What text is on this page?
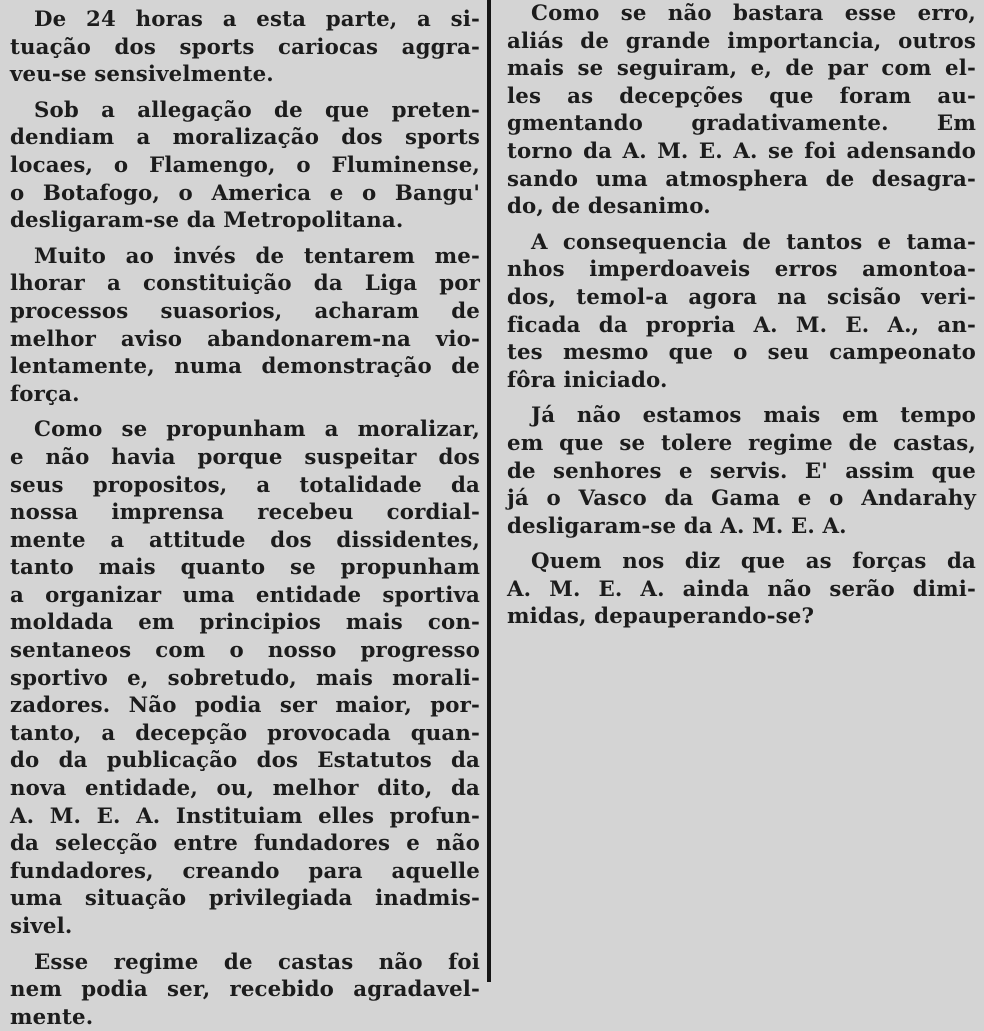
De 24 horas a esta parte, a si-
tuação dos sports cariocas aggra-
veu-se sensivelmente.

Sob a allegação de que preten-
dendiam a moralização dos sports
locaes, o Flamengo, o Fluminense,
o Botafogo, o America e o Bangu'
desligaram-se da Metropolitana.

Muito ao invés de tentarem me-
lhorar a constituição da Liga por
processos suasorios, acharam de
melhor aviso abandonarem-na vio-
lentamente, numa demonstração de
força.

Como se propunham a moralizar,
e não havia porque suspeitar dos
seus propositos, a totalidade da
nossa imprensa recebeu cordial-
mente a attitude dos dissidentes,
tanto mais quanto se propunham
a organizar uma entidade sportiva
moldada em principios mais con-
sentaneos com o nosso progresso
sportivo e, sobretudo, mais morali-
zadores. Não podia ser maior, por-
tanto, a decepção provocada quan-
do da publicação dos Estatutos da
nova entidade, ou, melhor dito, da
A. M. E. A. Instituiam elles profun-
da selecção entre fundadores e não
fundadores, creando para aquelle
uma situação privilegiada inadmis-
sivel.

Esse regime de castas não foi
nem podia ser, recebido agradavel-
mente.

Como se não bastara esse erro,
aliás de grande importancia, outros
mais se seguiram, e, de par com el-
les as decepções que foram au-
gmentando gradativamente. Em
torno da A. M. E. A. se foi adensando
sando uma atmosphera de desagra-
do, de desanimo.

A consequencia de tantos e tama-
nhos imperdoaveis erros amontoa-
dos, temol-a agora na scisão veri-
ficada da propria A. M. E. A., an-
tes mesmo que o seu campeonato
fôra iniciado.

Já não estamos mais em tempo
em que se tolere regime de castas,
de senhores e servis. E' assim que
já o Vasco da Gama e o Andarahy
desligaram-se da A. M. E. A.

Quem nos diz que as forças da
A. M. E. A. ainda não serão dimi-
midas, depauperando-se?
